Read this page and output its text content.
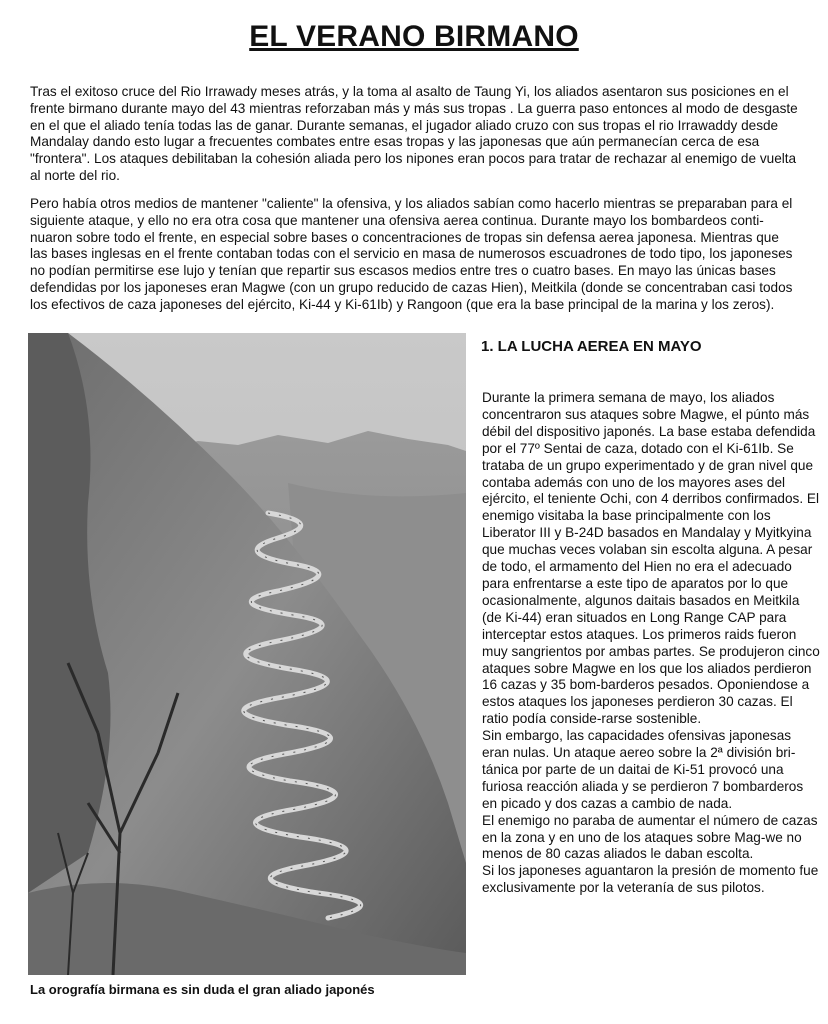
EL VERANO BIRMANO

Tras el exitoso cruce del Rio Irrawady meses atrás, y la toma al asalto de Taung Yi, los aliados asentaron sus posiciones en el frente birmano durante mayo del 43 mientras reforzaban más y más sus tropas . La guerra paso entonces al modo de desgaste en el que el aliado tenía todas las de ganar. Durante semanas, el jugador aliado cruzo con sus tropas el rio Irrawaddy desde Mandalay dando esto lugar a frecuentes combates entre esas tropas y las japonesas que aún permanecían cerca de esa "frontera". Los ataques debilitaban la cohesión aliada pero los nipones eran pocos para tratar de rechazar al enemigo de vuelta al norte del rio.

Pero había otros medios de mantener "caliente" la ofensiva, y los aliados sabían como hacerlo mientras se preparaban para el siguiente ataque, y ello no era otra cosa que mantener una ofensiva aerea continua. Durante mayo los bombardeos conti-nuaron sobre todo el frente, en especial sobre bases o concentraciones de tropas sin defensa aerea japonesa. Mientras que las bases inglesas en el frente contaban todas con el servicio en masa de numerosos escuadrones de todo tipo, los japoneses no podían permitirse ese lujo y tenían que repartir sus escasos medios entre tres o cuatro bases. En mayo las únicas bases defendidas por los japoneses eran Magwe (con un grupo reducido de cazas Hien), Meitkila (donde se concentraban casi todos los efectivos de caza japoneses del ejército, Ki-44 y Ki-61Ib) y Rangoon (que era la base principal de la marina y los zeros).

La orografía birmana es sin duda el gran aliado japonés
1. LA LUCHA AEREA EN MAYO

Durante la primera semana de mayo, los aliados concentraron sus ataques sobre Magwe, el púnto más débil del dispositivo japonés. La base estaba defendida por el 77º Sentai de caza, dotado con el Ki-61Ib. Se trataba de un grupo experimentado y de gran nivel que contaba además con uno de los mayores ases del ejército, el teniente Ochi, con 4 derribos confirmados. El enemigo visitaba la base principalmente con los Liberator III y B-24D basados en Mandalay y Myitkyina que muchas veces volaban sin escolta alguna. A pesar de todo, el armamento del Hien no era el adecuado para enfrentarse a este tipo de aparatos por lo que ocasionalmente, algunos daitais basados en Meitkila (de Ki-44) eran situados en Long Range CAP para interceptar estos ataques. Los primeros raids fueron muy sangrientos por ambas partes. Se produjeron cinco ataques sobre Magwe en los que los aliados perdieron 16 cazas y 35 bom-barderos pesados. Oponiendose a estos ataques los japoneses perdieron 30 cazas. El ratio podía conside-rarse sostenible.

Sin embargo, las capacidades ofensivas japonesas eran nulas. Un ataque aereo sobre la 2ª división bri-tánica por parte de un daitai de Ki-51 provocó una furiosa reacción aliada y se perdieron 7 bombarderos en picado y dos cazas a cambio de nada.

El enemigo no paraba de aumentar el número de cazas en la zona y en uno de los ataques sobre Mag-we no menos de 80 cazas aliados le daban escolta.

Si los japoneses aguantaron la presión de momento fue exclusivamente por la veteranía de sus pilotos.
